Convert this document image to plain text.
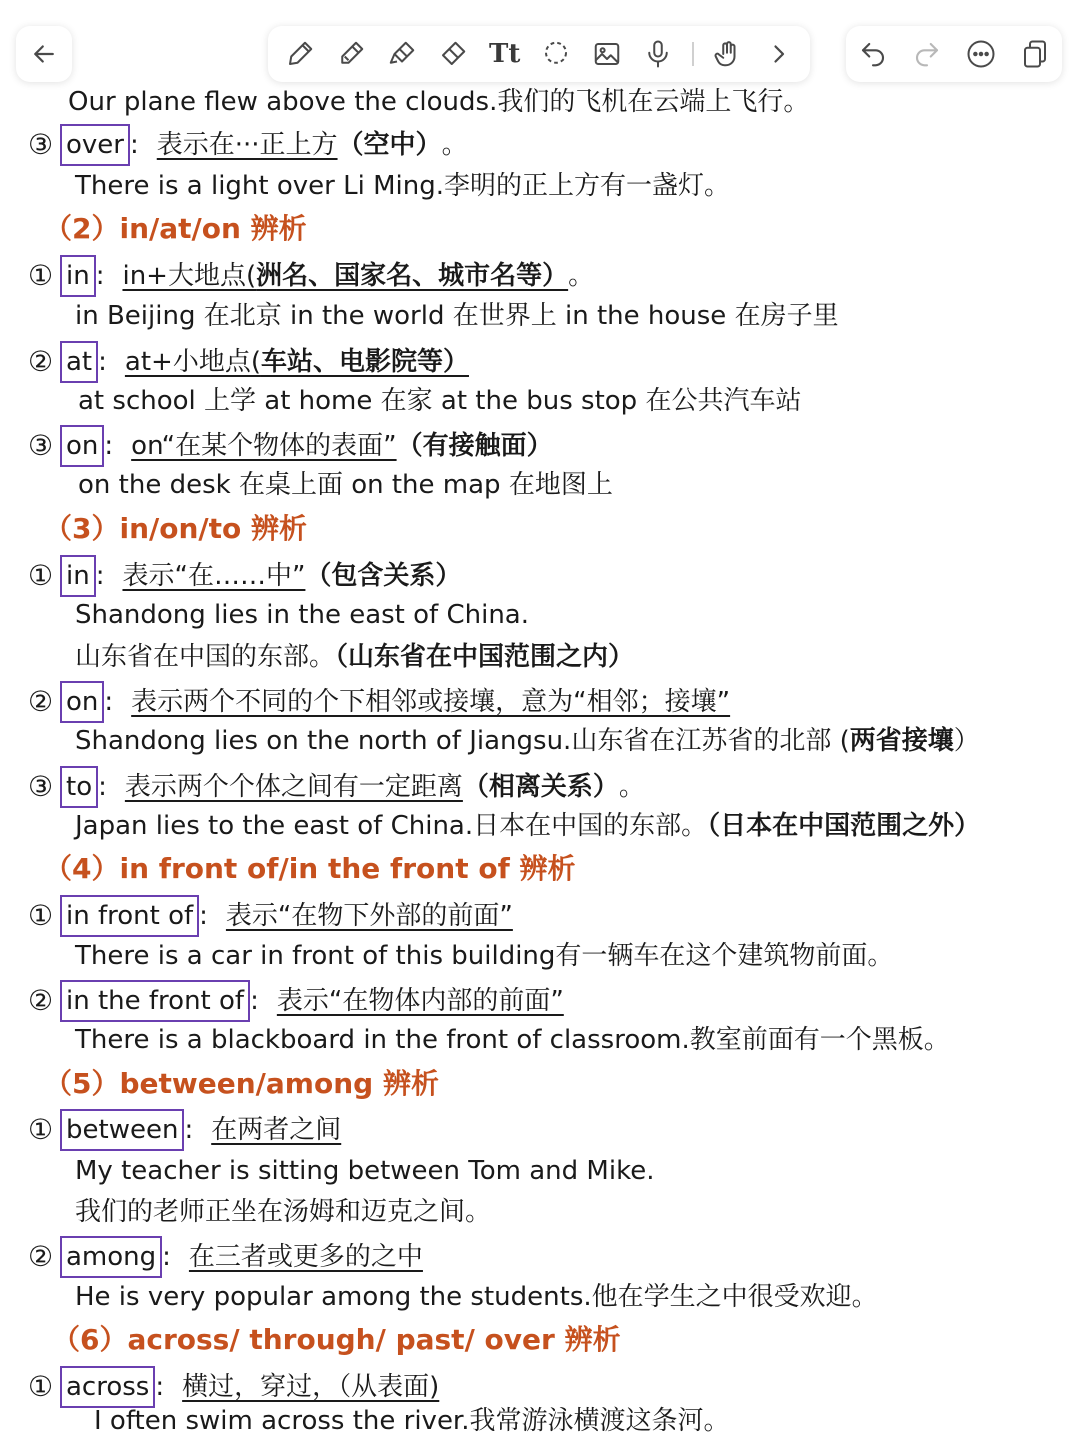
Tt
Our plane flew above the clouds.我们的飞机在云端上飞行。
③ over : 表示在···正上方 （空中） 。
There is a light over Li Ming.李明的正上方有一盏灯。
（2）in/at/on 辨析
① in : in+大地点( 洲名、国家名、城市名等） 。
in Beijing 在北京 in the world 在世界上 in the house 在房子里
② at : at+小地点( 车站、电影院等）
at school 上学 at home 在家 at the bus stop 在公共汽车站
③ on : on“在某个物体的表面” （有接触面）
on the desk 在桌上面 on the map 在地图上
（3）in/on/to 辨析
① in : 表示“在……中” （包含关系）
Shandong lies in the east of China.
山东省在中国的东部。（山东省在中国范围之内）
② on : 表示两个不同的个下相邻或接壤，意为“相邻；接壤”
Shandong lies on the north of Jiangsu.山东省在江苏省的北部 (两省接壤）
③ to : 表示两个个体之间有一定距离 （相离关系） 。
Japan lies to the east of China.日本在中国的东部。（日本在中国范围之外）
（4）in front of/in the front of 辨析
① in front of : 表示“在物下外部的前面”
There is a car in front of this building有一辆车在这个建筑物前面。
② in the front of : 表示“在物体内部的前面”
There is a blackboard in the front of classroom.教室前面有一个黑板。
（5）between/among 辨析
① between : 在两者之间
My teacher is sitting between Tom and Mike.
我们的老师正坐在汤姆和迈克之间。
② among : 在三者或更多的之中
He is very popular among the students.他在学生之中很受欢迎。
（6）across/ through/ past/ over 辨析
① across : 横过，穿过，（从表面)
I often swim across the river.我常游泳横渡这条河。
